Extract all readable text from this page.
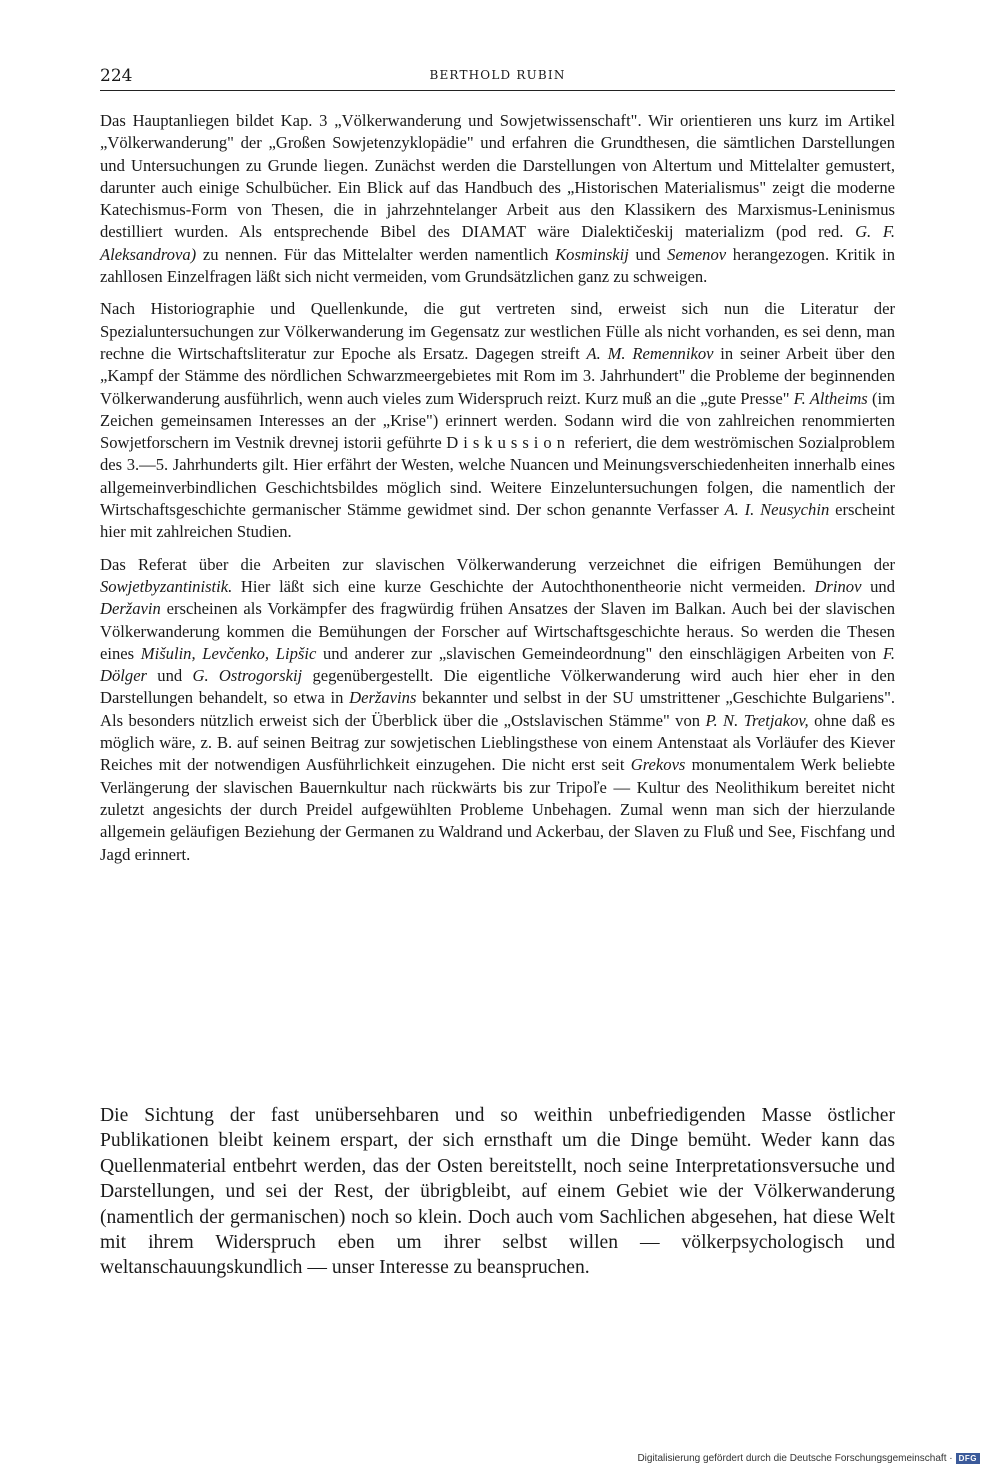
224	BERTHOLD RUBIN

Das Hauptanliegen bildet Kap. 3 „Völkerwanderung und Sowjetwissenschaft". Wir orientieren uns kurz im Artikel „Völkerwanderung" der „Großen Sowjetenzyklopädie" und erfahren die Grundthesen, die sämtlichen Darstellungen und Untersuchungen zu Grunde liegen. Zunächst werden die Darstellungen von Altertum und Mittelalter gemustert, darunter auch einige Schulbücher. Ein Blick auf das Handbuch des „Historischen Materialismus" zeigt die moderne Katechismus-Form von Thesen, die in jahrzehntelanger Arbeit aus den Klassikern des Marxismus-Leninismus destilliert wurden. Als entsprechende Bibel des DIAMAT wäre Dialektičeskij materializm (pod red. G. F. Aleksandrova) zu nennen. Für das Mittelalter werden namentlich Kosminskij und Semenov herangezogen. Kritik in zahllosen Einzelfragen läßt sich nicht vermeiden, vom Grundsätzlichen ganz zu schweigen.

Nach Historiographie und Quellenkunde, die gut vertreten sind, erweist sich nun die Literatur der Spezialuntersuchungen zur Völkerwanderung im Gegensatz zur westlichen Fülle als nicht vorhanden, es sei denn, man rechne die Wirtschaftsliteratur zur Epoche als Ersatz. Dagegen streift A. M. Remennikov in seiner Arbeit über den „Kampf der Stämme des nördlichen Schwarzmeergebietes mit Rom im 3. Jahrhundert" die Probleme der beginnenden Völkerwanderung ausführlich, wenn auch vieles zum Widerspruch reizt. Kurz muß an die „gute Presse" F. Altheims (im Zeichen gemeinsamen Interesses an der „Krise") erinnert werden. Sodann wird die von zahlreichen renommierten Sowjetforschern im Vestnik drevnej istorii geführte Diskussion referiert, die dem weströmischen Sozialproblem des 3.—5. Jahrhunderts gilt. Hier erfährt der Westen, welche Nuancen und Meinungsverschiedenheiten innerhalb eines allgemeinverbindlichen Geschichtsbildes möglich sind. Weitere Einzeluntersuchungen folgen, die namentlich der Wirtschaftsgeschichte germanischer Stämme gewidmet sind. Der schon genannte Verfasser A. I. Neusychin erscheint hier mit zahlreichen Studien.

Das Referat über die Arbeiten zur slavischen Völkerwanderung verzeichnet die eifrigen Bemühungen der Sowjetbyzantinistik. Hier läßt sich eine kurze Geschichte der Autochthonentheorie nicht vermeiden. Drinov und Deržavin erscheinen als Vorkämpfer des fragwürdig frühen Ansatzes der Slaven im Balkan. Auch bei der slavischen Völkerwanderung kommen die Bemühungen der Forscher auf Wirtschaftsgeschichte heraus. So werden die Thesen eines Mišulin, Levčenko, Lipšic und anderer zur „slavischen Gemeindeordnung" den einschlägigen Arbeiten von F. Dölger und G. Ostrogorskij gegenübergestellt. Die eigentliche Völkerwanderung wird auch hier eher in den Darstellungen behandelt, so etwa in Deržavins bekannter und selbst in der SU umstrittener „Geschichte Bulgariens". Als besonders nützlich erweist sich der Überblick über die „Ostslavischen Stämme" von P. N. Tretjakov, ohne daß es möglich wäre, z. B. auf seinen Beitrag zur sowjetischen Lieblingsthese von einem Antenstaat als Vorläufer des Kiever Reiches mit der notwendigen Ausführlichkeit einzugehen. Die nicht erst seit Grekovs monumentalem Werk beliebte Verlängerung der slavischen Bauernkultur nach rückwärts bis zur Tripoľe — Kultur des Neolithikum bereitet nicht zuletzt angesichts der durch Preidel aufgewühlten Probleme Unbehagen. Zumal wenn man sich der hierzulande allgemein geläufigen Beziehung der Germanen zu Waldrand und Ackerbau, der Slaven zu Fluß und See, Fischfang und Jagd erinnert.

Die Sichtung der fast unübersehbaren und so weithin unbefriedigenden Masse östlicher Publikationen bleibt keinem erspart, der sich ernsthaft um die Dinge bemüht. Weder kann das Quellenmaterial entbehrt werden, das der Osten bereitstellt, noch seine Interpretationsversuche und Darstellungen, und sei der Rest, der übrigbleibt, auf einem Gebiet wie der Völkerwanderung (namentlich der germanischen) noch so klein. Doch auch vom Sachlichen abgesehen, hat diese Welt mit ihrem Widerspruch eben um ihrer selbst willen — völkerpsychologisch und weltanschauungskundlich — unser Interesse zu beanspruchen.

Digitalisierung gefördert durch die Deutsche Forschungsgemeinschaft · DFG
